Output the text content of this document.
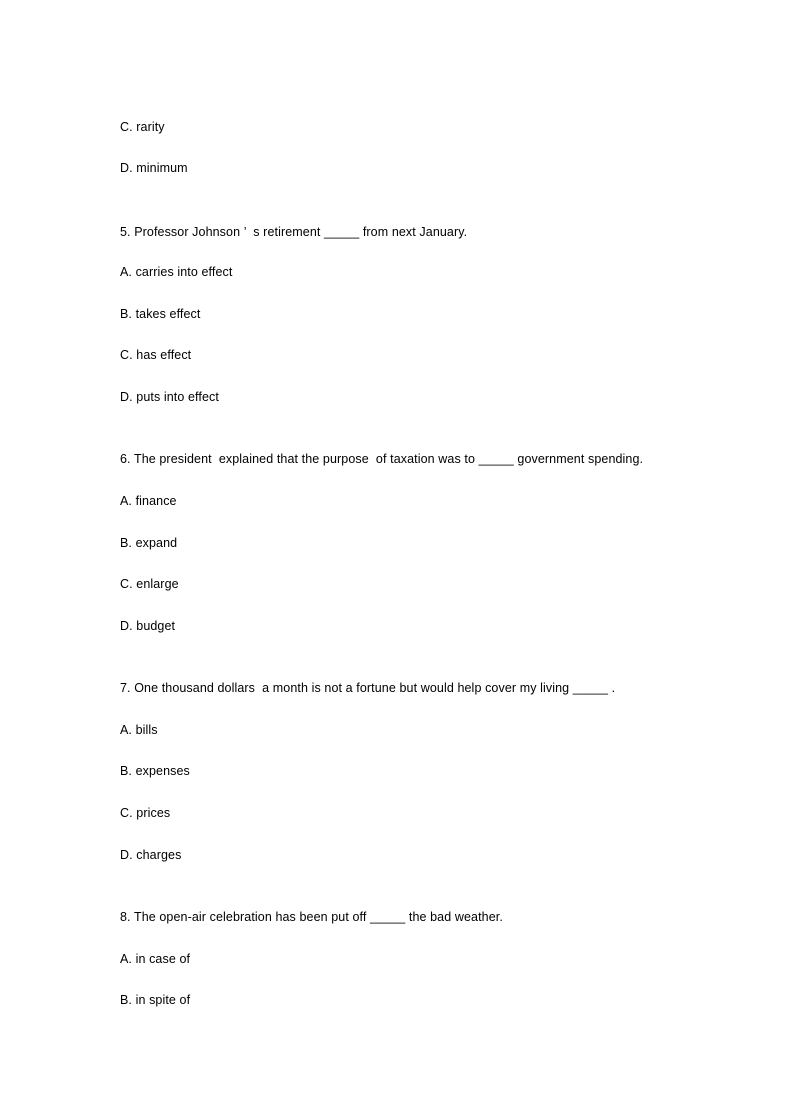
C. rarity
D. minimum
5. Professor Johnson ’  s retirement _____ from next January.
A. carries into effect
B. takes effect
C. has effect
D. puts into effect
6. The president  explained that the purpose  of taxation was to _____ government spending.
A. finance
B. expand
C. enlarge
D. budget
7. One thousand dollars  a month is not a fortune but would help cover my living _____ .
A. bills
B. expenses
C. prices
D. charges
8. The open-air celebration has been put off _____ the bad weather.
A. in case of
B. in spite of
